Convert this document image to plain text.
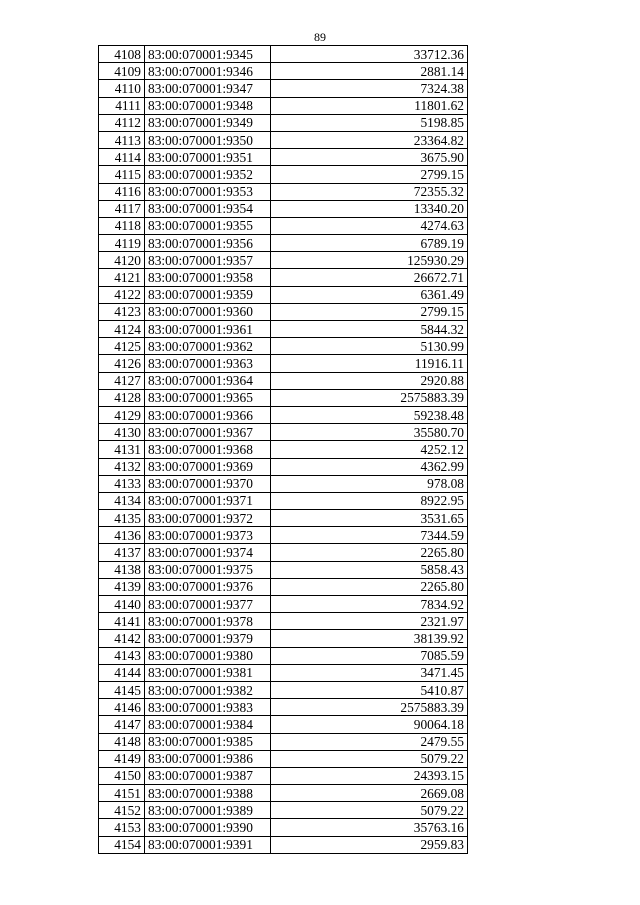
89
4108	83:00:070001:9345	33712.36
4109	83:00:070001:9346	2881.14
4110	83:00:070001:9347	7324.38
4111	83:00:070001:9348	11801.62
4112	83:00:070001:9349	5198.85
4113	83:00:070001:9350	23364.82
4114	83:00:070001:9351	3675.90
4115	83:00:070001:9352	2799.15
4116	83:00:070001:9353	72355.32
4117	83:00:070001:9354	13340.20
4118	83:00:070001:9355	4274.63
4119	83:00:070001:9356	6789.19
4120	83:00:070001:9357	125930.29
4121	83:00:070001:9358	26672.71
4122	83:00:070001:9359	6361.49
4123	83:00:070001:9360	2799.15
4124	83:00:070001:9361	5844.32
4125	83:00:070001:9362	5130.99
4126	83:00:070001:9363	11916.11
4127	83:00:070001:9364	2920.88
4128	83:00:070001:9365	2575883.39
4129	83:00:070001:9366	59238.48
4130	83:00:070001:9367	35580.70
4131	83:00:070001:9368	4252.12
4132	83:00:070001:9369	4362.99
4133	83:00:070001:9370	978.08
4134	83:00:070001:9371	8922.95
4135	83:00:070001:9372	3531.65
4136	83:00:070001:9373	7344.59
4137	83:00:070001:9374	2265.80
4138	83:00:070001:9375	5858.43
4139	83:00:070001:9376	2265.80
4140	83:00:070001:9377	7834.92
4141	83:00:070001:9378	2321.97
4142	83:00:070001:9379	38139.92
4143	83:00:070001:9380	7085.59
4144	83:00:070001:9381	3471.45
4145	83:00:070001:9382	5410.87
4146	83:00:070001:9383	2575883.39
4147	83:00:070001:9384	90064.18
4148	83:00:070001:9385	2479.55
4149	83:00:070001:9386	5079.22
4150	83:00:070001:9387	24393.15
4151	83:00:070001:9388	2669.08
4152	83:00:070001:9389	5079.22
4153	83:00:070001:9390	35763.16
4154	83:00:070001:9391	2959.83
